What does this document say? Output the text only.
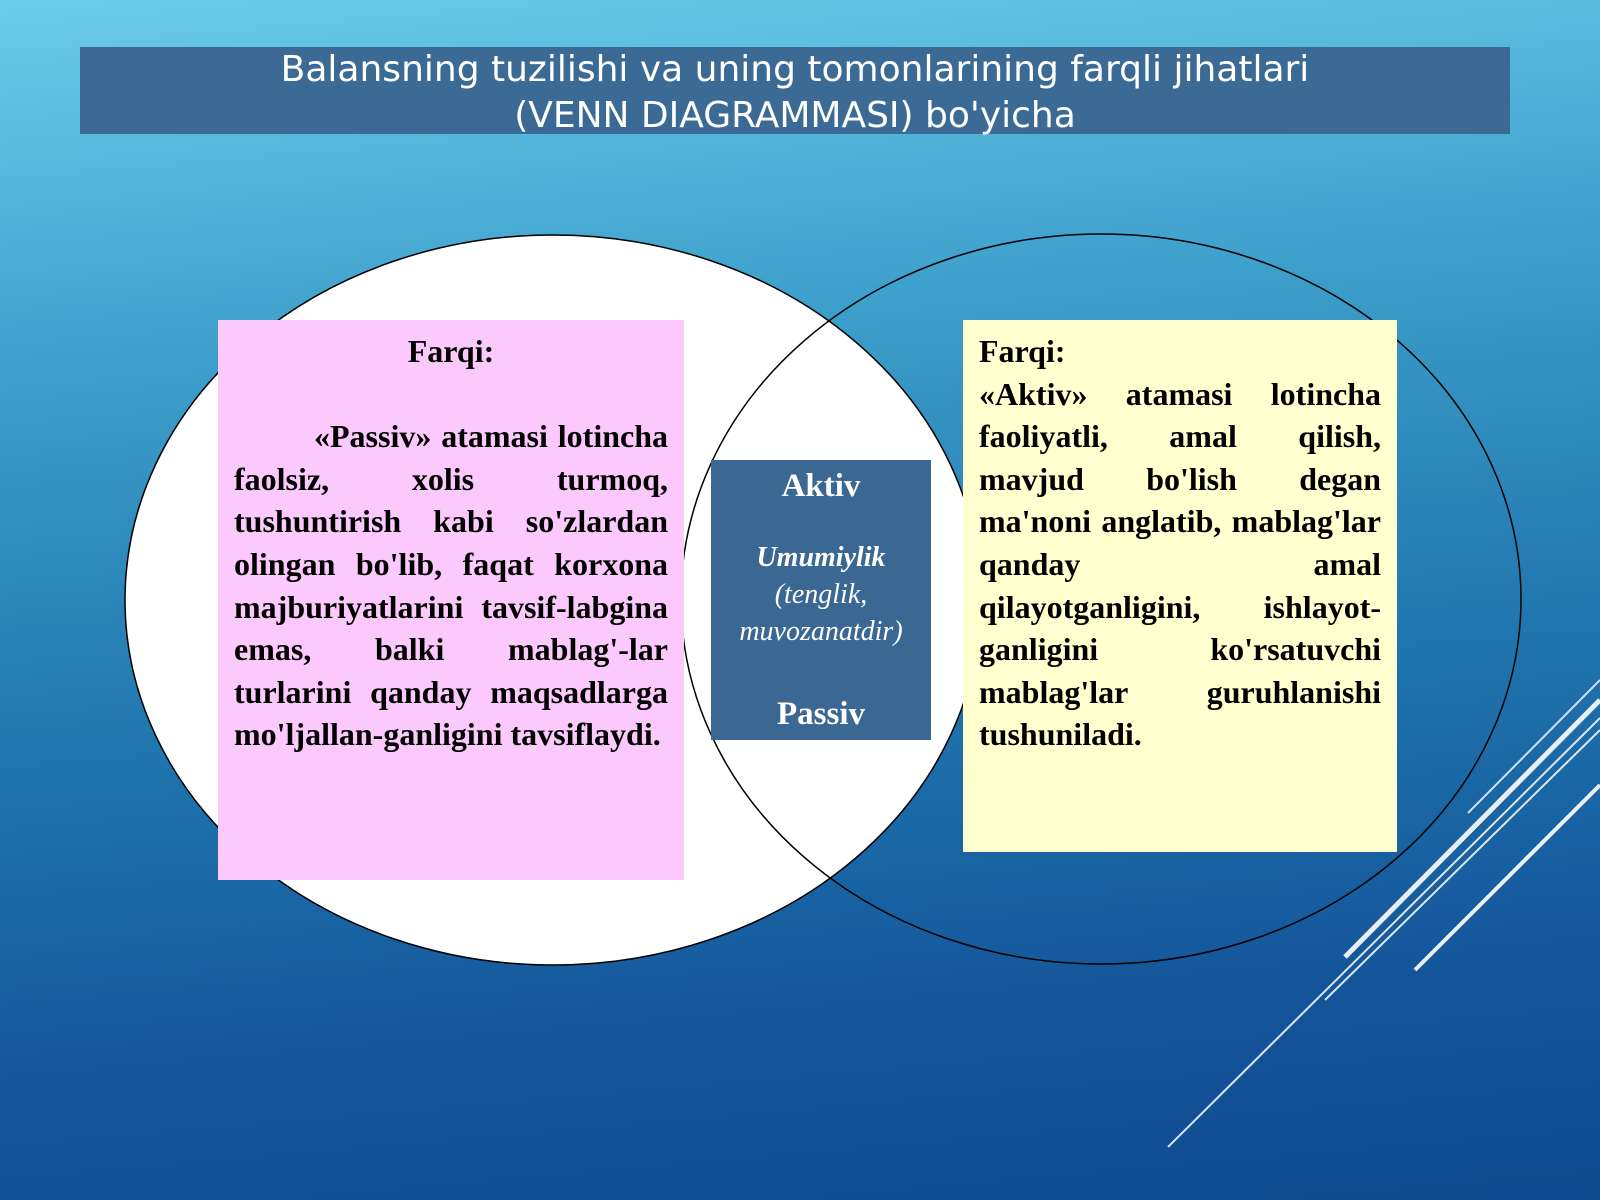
Balansning tuzilishi va uning tomonlarining farqli jihatlari
(VENN DIAGRAMMASI) bo'yicha
Farqi:
«Passiv» atamasi lotincha faolsiz, xolis turmoq, tushuntirish kabi so'zlardan olingan bo'lib, faqat korxona majburiyatlarini tavsif-labgina emas, balki mablag'-lar turlarini qanday maqsadlarga mo'ljallan-ganligini tavsiflaydi.
Farqi:
«Aktiv» atamasi lotincha faoliyatli, amal qilish, mavjud bo'lish degan ma'noni anglatib, mablag'lar qanday amal qilayotganligini, ishlayot-ganligini ko'rsatuvchi mablag'lar guruhlanishi tushuniladi.
Aktiv
Umumiylik
(tenglik, muvozanatdir)
Passiv
